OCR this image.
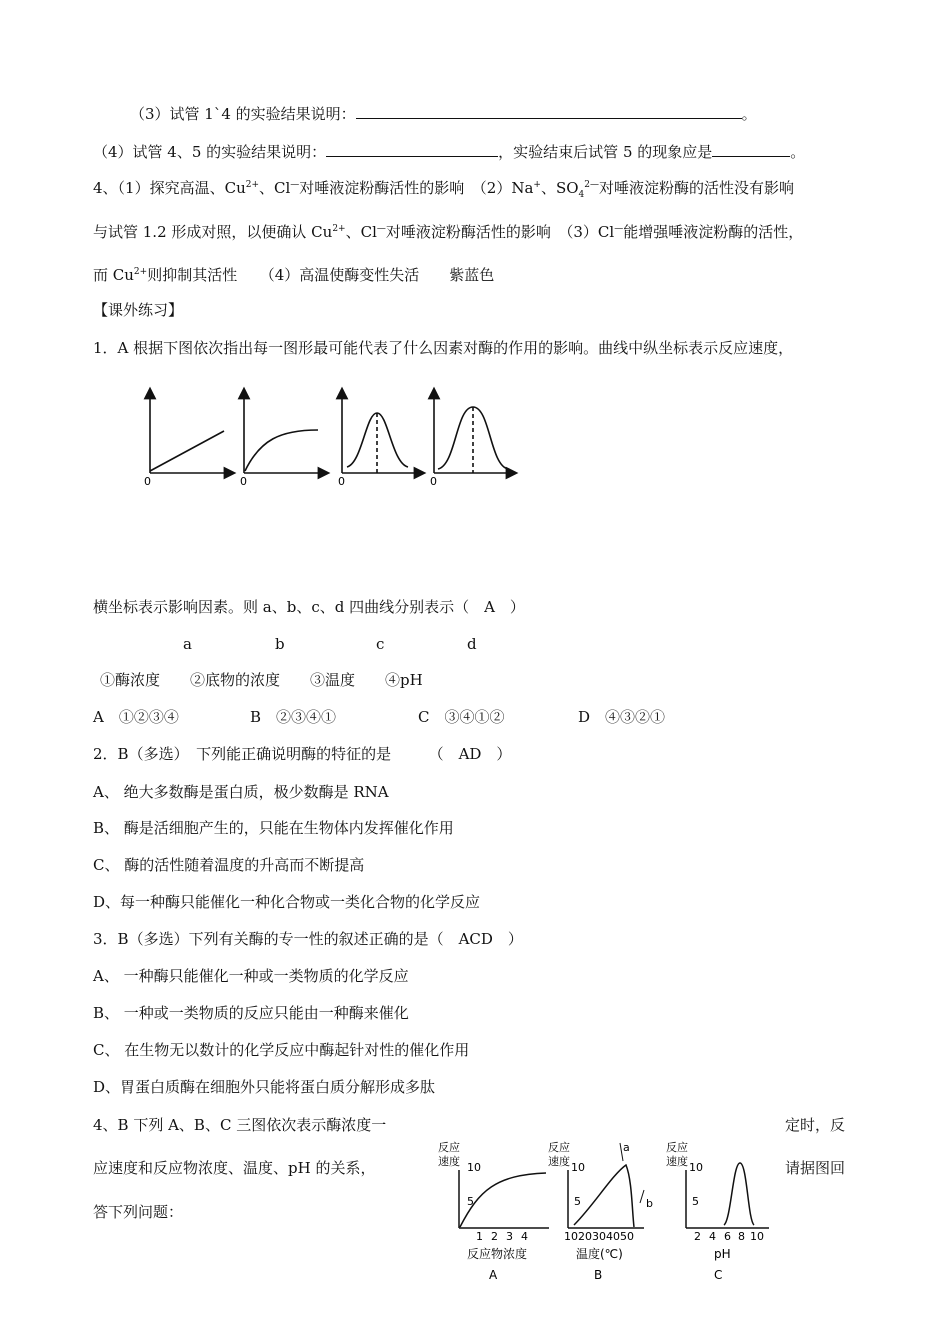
（3）试管 1`4 的实验结果说明：	。
（4）试管 4、5 的实验结果说明：	，实验结束后试管 5 的现象应是	。
4、（1）探究高温、$Cu^{2+}$、Cl—对唾液淀粉酶活性的影响　（2）Na+、$SO_4^{2—}$对唾液淀粉酶的活性没有影响
与试管 1.2 形成对照，以便确认 $Cu^{2+}$、Cl—对唾液淀粉酶活性的影响　（3）Cl—能增强唾液淀粉酶的活性，
而 $Cu^{2+}$则抑制其活性　　（4）高温使酶变性失活　　紫蓝色
【课外练习】
1．A 根据下图依次指出每一图形最可能代表了什么因素对酶的作用的影响。曲线中纵坐标表示反应速度，
0	0	0	0
横坐标表示影响因素。则 a、b、c、d 四曲线分别表示（　A　）
a	b	c	d
①酶浓度　　②底物的浓度　　③温度　　④pH
A　①②③④	B　②③④①	C　③④①②	D　④③②①
2．B（多选）　下列能正确说明酶的特征的是　　　（　AD　）
A、 绝大多数酶是蛋白质，极少数酶是 RNA
B、 酶是活细胞产生的，只能在生物体内发挥催化作用
C、 酶的活性随着温度的升高而不断提高
D、每一种酶只能催化一种化合物或一类化合物的化学反应
3．B（多选）下列有关酶的专一性的叙述正确的是（　ACD　）
A、 一种酶只能催化一种或一类物质的化学反应
B、 一种或一类物质的反应只能由一种酶来催化
C、 在生物无以数计的化学反应中酶起针对性的催化作用
D、胃蛋白质酶在细胞外只能将蛋白质分解形成多肽
4、B 下列 A、B、C 三图依次表示酶浓度一	定时，反
应速度和反应物浓度、温度、pH 的关系，	请据图回
答下列问题：
反应
速度 10
5
1 2 3 4
反应物浓度
A
反应
速度 10
5
a
b
1020304050
温度(℃)
B
反应
速度 10
5
2 4 6 8 10
pH
C
